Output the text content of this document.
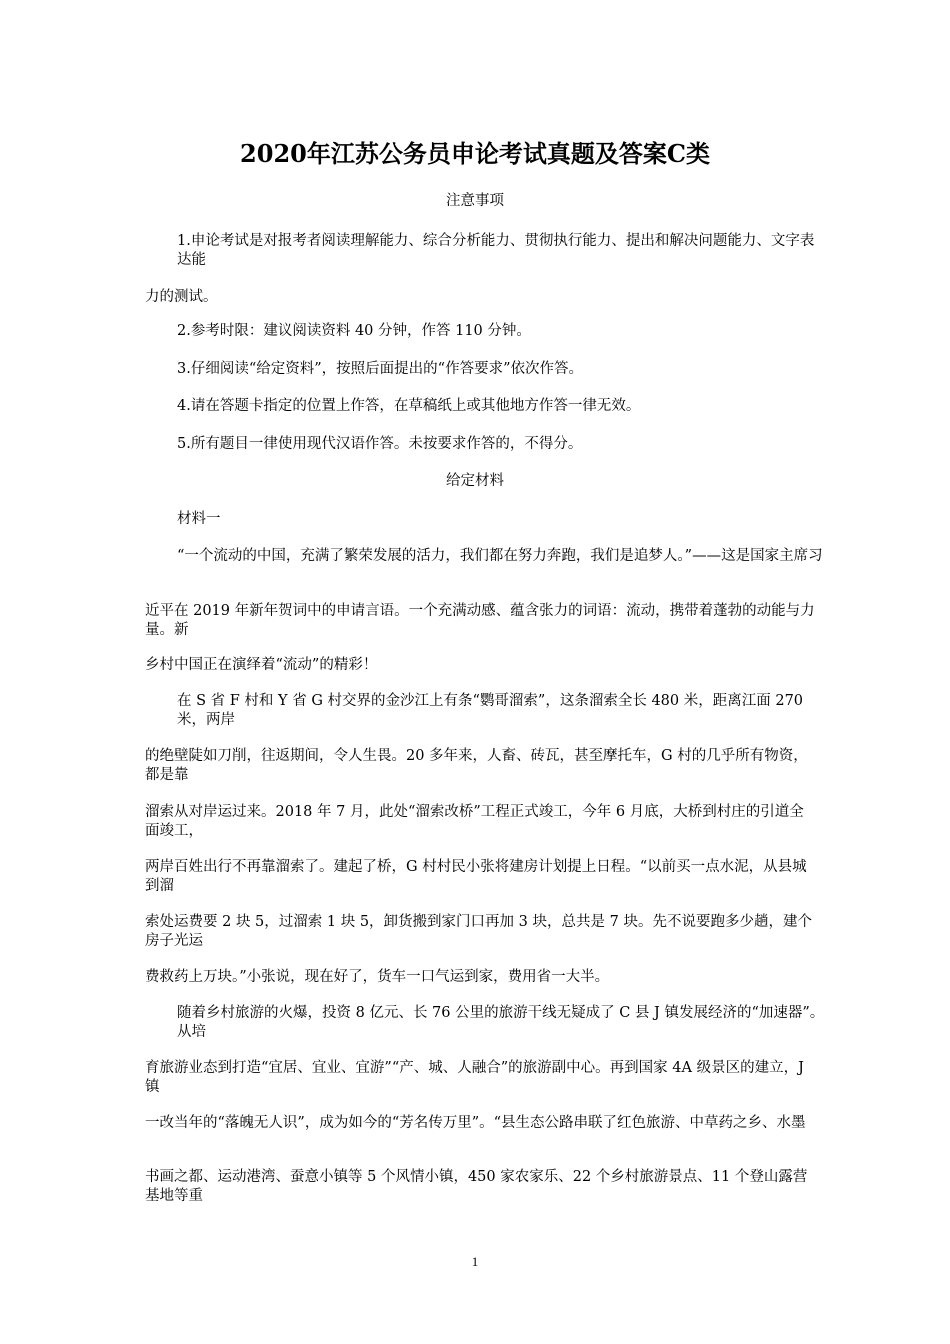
2020年江苏公务员申论考试真题及答案C类

注意事项

1.申论考试是对报考者阅读理解能力、综合分析能力、贯彻执行能力、提出和解决问题能力、文字表达能

力的测试。

2.参考时限：建议阅读资料 40 分钟，作答 110 分钟。

3.仔细阅读“给定资料”，按照后面提出的“作答要求”依次作答。

4.请在答题卡指定的位置上作答，在草稿纸上或其他地方作答一律无效。

5.所有题目一律使用现代汉语作答。未按要求作答的，不得分。

给定材料

材料一

“一个流动的中国，充满了繁荣发展的活力，我们都在努力奔跑，我们是追梦人。”——这是国家主席习

近平在 2019 年新年贺词中的申请言语。一个充满动感、蕴含张力的词语：流动，携带着蓬勃的动能与力量。新

乡村中国正在演绎着“流动”的精彩！

在 S 省 F 村和 Y 省 G 村交界的金沙江上有条“鹦哥溜索”，这条溜索全长 480 米，距离江面 270 米，两岸

的绝壁陡如刀削，往返期间，令人生畏。20 多年来，人畜、砖瓦，甚至摩托车，G 村的几乎所有物资，都是靠

溜索从对岸运过来。2018 年 7 月，此处“溜索改桥”工程正式竣工，今年 6 月底，大桥到村庄的引道全面竣工，

两岸百姓出行不再靠溜索了。建起了桥，G 村村民小张将建房计划提上日程。“以前买一点水泥，从县城到溜

索处运费要 2 块 5，过溜索 1 块 5，卸货搬到家门口再加 3 块，总共是 7 块。先不说要跑多少趟，建个房子光运

费救药上万块。”小张说，现在好了，货车一口气运到家，费用省一大半。

随着乡村旅游的火爆，投资 8 亿元、长 76 公里的旅游干线无疑成了 C 县 J 镇发展经济的“加速器”。从培

育旅游业态到打造“宜居、宜业、宜游”“产、城、人融合”的旅游副中心。再到国家 4A 级景区的建立，J 镇

一改当年的“落魄无人识”，成为如今的“芳名传万里”。“县生态公路串联了红色旅游、中草药之乡、水墨

书画之都、运动港湾、蚕意小镇等 5 个风情小镇，450 家农家乐、22 个乡村旅游景点、11 个登山露营基地等重

1
